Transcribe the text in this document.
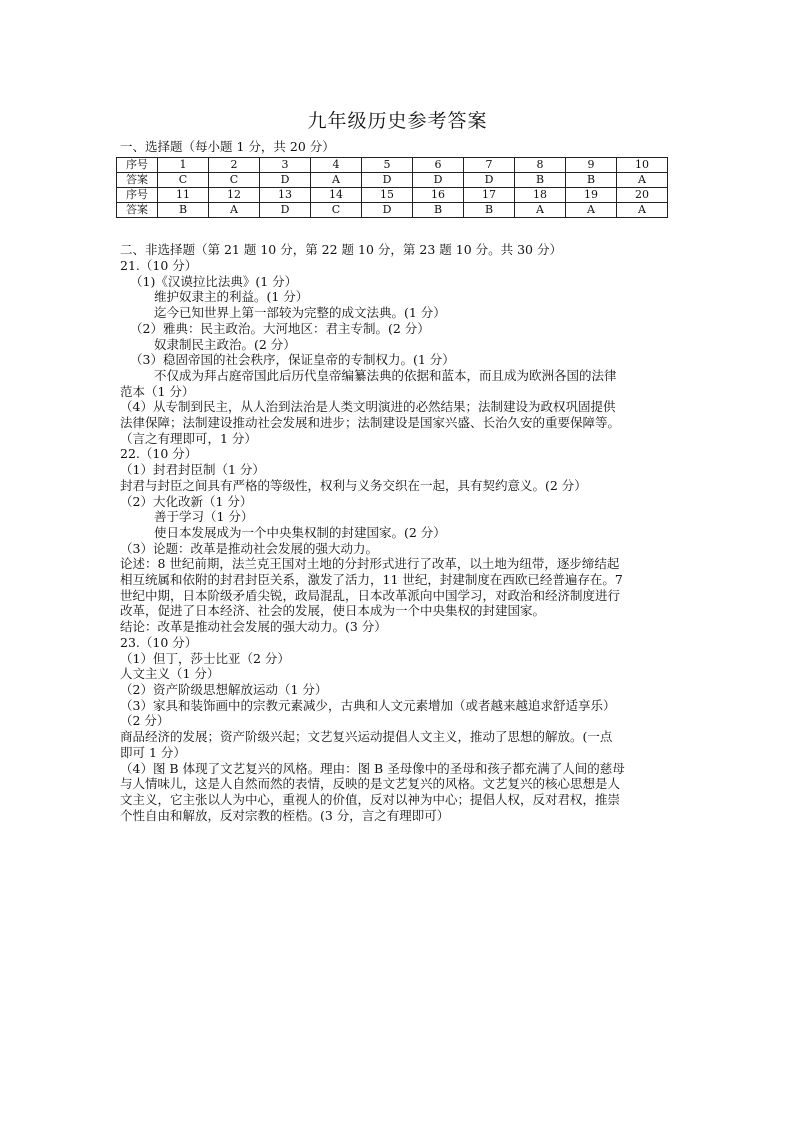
九年级历史参考答案

一、选择题（每小题 1 分，共 20 分）

序号	1	2	3	4	5	6	7	8	9	10
答案	C	C	D	A	D	D	D	B	B	A
序号	11	12	13	14	15	16	17	18	19	20
答案	B	A	D	C	D	B	B	A	A	A

二、非选择题（第 21 题 10 分，第 22 题 10 分，第 23 题 10 分。共 30 分）

21.（10 分）

（1)《汉谟拉比法典》(1 分）

维护奴隶主的利益。(1 分）

迄今已知世界上第一部较为完整的成文法典。(1 分）

（2）雅典：民主政治。大河地区：君主专制。(2 分）

奴隶制民主政治。(2 分）

（3）稳固帝国的社会秩序，保证皇帝的专制权力。(1 分）

不仅成为拜占庭帝国此后历代皇帝编纂法典的依据和蓝本，而且成为欧洲各国的法律

范本（1 分）

（4）从专制到民主，从人治到法治是人类文明演进的必然结果；法制建设为政权巩固提供

法律保障；法制建设推动社会发展和进步；法制建设是国家兴盛、长治久安的重要保障等。

（言之有理即可，1 分）

22.（10 分）

（1）封君封臣制（1 分）

封君与封臣之间具有严格的等级性，权利与义务交织在一起，具有契约意义。(2 分）

（2）大化改新（1 分）

善于学习（1 分）

使日本发展成为一个中央集权制的封建国家。(2 分）

（3）论题：改革是推动社会发展的强大动力。

论述：8 世纪前期，法兰克王国对土地的分封形式进行了改革，以土地为纽带，逐步缔结起

相互统属和依附的封君封臣关系，激发了活力，11 世纪，封建制度在西欧已经普遍存在。7

世纪中期，日本阶级矛盾尖锐，政局混乱，日本改革派向中国学习，对政治和经济制度进行

改革，促进了日本经济、社会的发展，使日本成为一个中央集权的封建国家。

结论：改革是推动社会发展的强大动力。(3 分）

23.（10 分）

（1）但丁，莎士比亚（2 分）

人文主义（1 分）

（2）资产阶级思想解放运动（1 分）

（3）家具和装饰画中的宗教元素减少，古典和人文元素增加（或者越来越追求舒适享乐）

（2 分）

商品经济的发展；资产阶级兴起；文艺复兴运动提倡人文主义，推动了思想的解放。(一点

即可 1 分）

（4）图 B 体现了文艺复兴的风格。理由：图 B 圣母像中的圣母和孩子都充满了人间的慈母

与人情味儿，这是人自然而然的表情，反映的是文艺复兴的风格。文艺复兴的核心思想是人

文主义，它主张以人为中心，重视人的价值，反对以神为中心；提倡人权，反对君权，推崇

个性自由和解放，反对宗教的桎梏。(3 分，言之有理即可）
